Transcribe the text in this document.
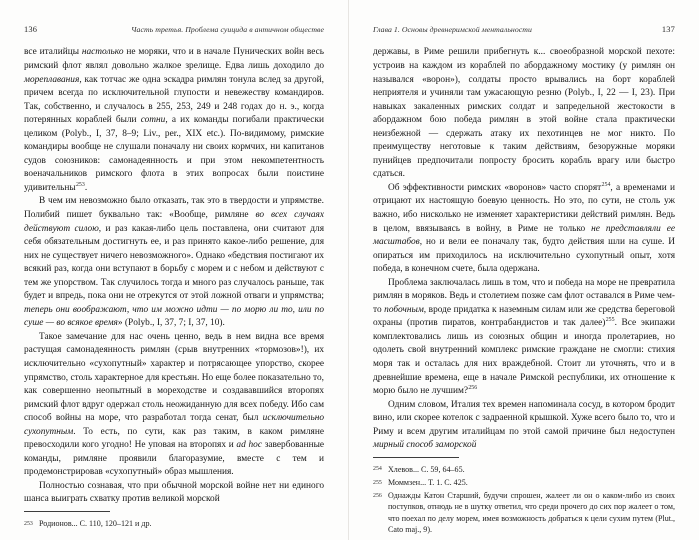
136	Часть третья. Проблема суицида в античном обществе

все италийцы настолько не моряки, что и в начале Пунических войн весь римский флот являл довольно жалкое зрелище. Едва лишь доходило до мореплавания, как тотчас же одна эскадра римлян тонула вслед за другой, причем всегда по исключительной глупости и невежеству командиров. Так, собственно, и случалось в 255, 253, 249 и 248 годах до н. э., когда потерянных кораблей были сотни, а их команды погибали практически целиком (Polyb., I, 37, 8–9; Liv., per., XIX etc.). По-видимому, римские командиры вообще не слушали поначалу ни своих кормчих, ни капитанов судов союзников: самонадеянность и при этом некомпетентность военачальников римского флота в этих вопросах были поистине удивительны$^{253}$.

В чем им невозможно было отказать, так это в твердости и упрямстве. Полибий пишет буквально так: «Вообще, римляне во всех случаях действуют силою, и раз какая-либо цель поставлена, они считают для себя обязательным достигнуть ее, и раз принято какое-либо решение, для них не существует ничего невозможного». Однако «бедствия постигают их всякий раз, когда они вступают в борьбу с морем и с небом и действуют с тем же упорством. Так случилось тогда и много раз случалось раньше, так будет и впредь, пока они не отрекутся от этой ложной отваги и упрямства; теперь они воображают, что им можно идти — по морю ли то, или по суше — во всякое время» (Polyb., I, 37, 7; I, 37, 10).

Такое замечание для нас очень ценно, ведь в нем видна все время растущая самонадеянность римлян (срыв внутренних «тормозов»!), их исключительно «сухопутный» характер и потрясающее упорство, скорее упрямство, столь характерное для крестьян. Но еще более показательно то, как совершенно неопытный в мореходстве и создававшийся второпях римский флот вдруг одержал столь неожиданную для всех победу. Ибо сам способ войны на море, что разработал тогда сенат, был исключительно сухопутным. То есть, по сути, как раз таким, в каком римляне превосходили кого угодно! Не уповая на второпях и ad hoc завербованные команды, римляне проявили благоразумие, вместе с тем и продемонстрировав «сухопутный» образ мышления.

Полностью сознавая, что при обычной морской войне нет ни единого шанса выиграть схватку против великой морской

253 Родионов... С. 110, 120–121 и др.
Глава 1. Основы древнеримской ментальности	137

державы, в Риме решили прибегнуть к... своеобразной морской пехоте: устроив на каждом из кораблей по абордажному мостику (у римлян он назывался «ворон»), солдаты просто врывались на борт кораблей неприятеля и учиняли там ужасающую резню (Polyb., I, 22 — I, 23). При навыках закаленных римских солдат и запредельной жестокости в абордажном бою победа римлян в этой войне стала практически неизбежной — сдержать атаку их пехотинцев не мог никто. По преимуществу неготовые к таким действиям, безоружные моряки пунийцев предпочитали попросту бросить корабль врагу или быстро сдаться.

Об эффективности римских «воронов» часто спорят$^{254}$, а временами и отрицают их настоящую боевую ценность. Но это, по сути, не столь уж важно, ибо нисколько не изменяет характеристики действий римлян. Ведь в целом, ввязываясь в войну, в Риме не только не представляли ее масштабов, но и вели ее поначалу так, будто действия шли на суше. И опираться им приходилось на исключительно сухопутный опыт, хотя победа, в конечном счете, была одержана.

Проблема заключалась лишь в том, что и победа на море не превратила римлян в моряков. Ведь и столетием позже сам флот оставался в Риме чем-то побочным, вроде придатка к наземным силам или же средства береговой охраны (против пиратов, контрабандистов и так далее)$^{255}$. Все экипажи комплектовались лишь из союзных общин и иногда пролетариев, но одолеть свой внутренний комплекс римские граждане не смогли: стихия моря так и осталась для них враждебной. Стоит ли уточнять, что и в древнейшие времена, еще в начале Римской республики, их отношение к морю было не лучшим?$^{256}$

Одним словом, Италия тех времен напоминала сосуд, в котором бродит вино, или скорее котелок с задраенной крышкой. Хуже всего было то, что и Риму и всем другим италийцам по этой самой причине был недоступен мирный способ заморской

254 Хлевов... С. 59, 64–65.
255 Моммзен... Т. 1. С. 425.
256 Однажды Катон Старший, будучи спрошен, жалеет ли он о каком-либо из своих поступков, отнюдь не в шутку ответил, что среди прочего до сих пор жалеет о том, что поехал по делу морем, имея возможность добраться к цели сухим путем (Plut., Cato maj., 9).
